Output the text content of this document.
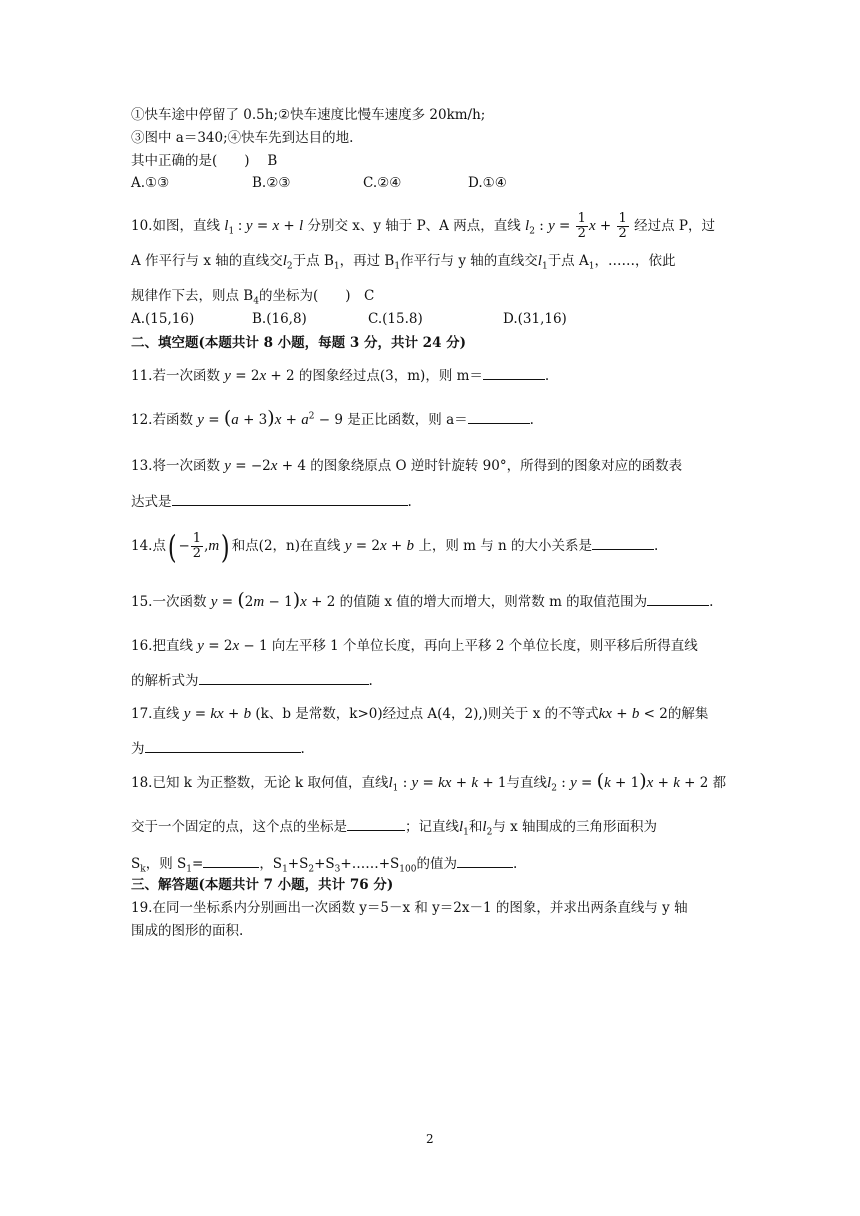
①快车途中停留了 0.5h;②快车速度比慢车速度多 20km/h;
③图中 a＝340;④快车先到达目的地.
其中正确的是(　　)　 B
A.①③	B.②③	C.②④	D.①④
10.如图，直线 $l_1$ : y = x + l 分别交 x、y 轴于 P、A 两点，直线 $l_2$ : $y = \frac{1}{2}$ $x + \frac{1}{2}$ 经过点 P，过
A 作平行与 x 轴的直线交$l_2$于点 $B_1$，再过 $B_1$作平行与 y 轴的直线交$l_1$于点 $A_1$，……，依此
规律作下去，则点 $B_4$的坐标为(　　)　C
A.(15,16)	B.(16,8)	C.(15.8)	D.(31,16)
二、填空题(本题共计 8 小题，每题 3 分，共计 24 分)
11.若一次函数 y = 2x + 2 的图象经过点(3，m)，则 m＝	.
12.若函数 $y = (a + 3)x + a^2 - 9$ 是正比函数，则 a＝	.
13.将一次函数 y = −2x + 4 的图象绕原点 O 逆时针旋转 90°，所得到的图象对应的函数表
达式是	.
14.点( − $\frac{1}{2} ,m$) 和点(2，n)在直线 y = 2x + b 上，则 m 与 n 的大小关系是	.
15.一次函数 y = (2m − 1)x + 2 的值随 x 值的增大而增大，则常数 m 的取值范围为	.
16.把直线 y = 2x − 1 向左平移 1 个单位长度，再向上平移 2 个单位长度，则平移后所得直线
的解析式为	.
17.直线 y = kx + b (k、b 是常数，k>0)经过点 A(4，2),)则关于 x 的不等式kx + b < 2的解集
为	.
18.已知 k 为正整数，无论 k 取何值，直线$l_1$ : y = kx + k + 1与直线$l_2$ : y = (k + 1)x + k + 2 都
交于一个固定的点，这个点的坐标是	；记直线$l_1$和$l_2$与 x 轴围成的三角形面积为
$S_k$，则 $S_1=$	，$S_1+S_2+S_3+\dots\dots+S_{100}$的值为	.
三、解答题(本题共计 7 小题，共计 76 分)
19.在同一坐标系内分别画出一次函数 y＝5－x 和 y＝2x－1 的图象，并求出两条直线与 y 轴
围成的图形的面积.
2
